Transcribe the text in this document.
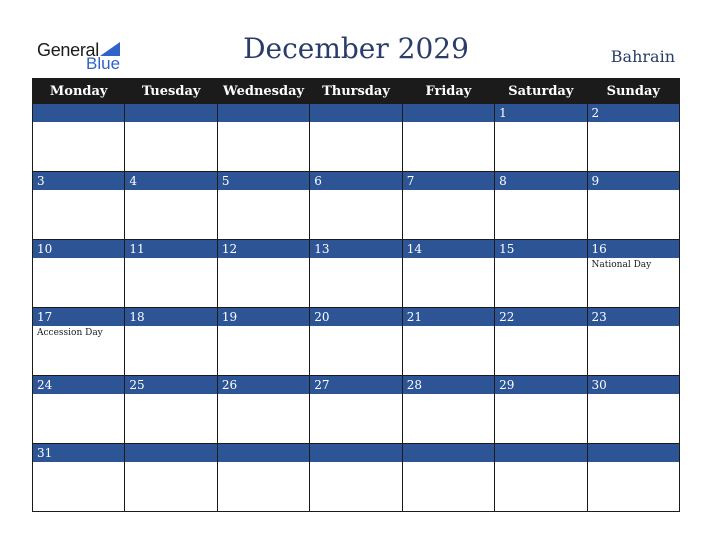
General
Blue	December 2029	Bahrain
Monday	Tuesday	Wednesday	Thursday	Friday	Saturday	Sunday
					1	2

3	4	5	6	7	8	9

10	11	12	13	14	15	16
						National Day
17	18	19	20	21	22	23
Accession Day						
24	25	26	27	28	29	30

31						
